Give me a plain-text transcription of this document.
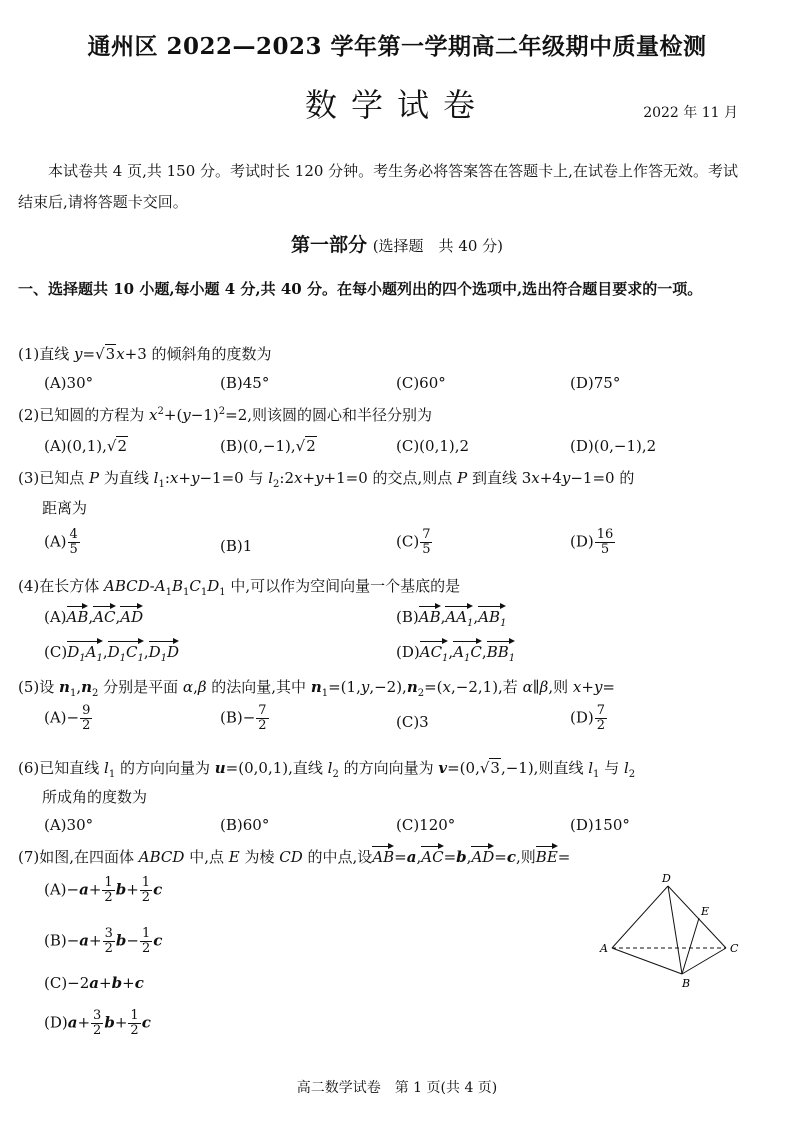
通州区 2022—2023 学年第一学期高二年级期中质量检测
数学试卷	2022 年 11 月
本试卷共 4 页,共 150 分。考试时长 120 分钟。考生务必将答案答在答题卡上,在试卷上作答无效。考试结束后,请将答题卡交回。
第一部分 (选择题　共 40 分)
一、选择题共 10 小题,每小题 4 分,共 40 分。在每小题列出的四个选项中,选出符合题目要求的一项。
(1)直线 y=√3x+3 的倾斜角的度数为
(A)30°	(B)45°	(C)60°	(D)75°
(2)已知圆的方程为 $x^2+(y-1)^2=2$,则该圆的圆心和半径分别为
(A)(0,1),√2	(B)(0,−1),√2	(C)(0,1),2	(D)(0,−1),2
(3)已知点 P 为直线 $l_1:x+y-1=0$ 与 $l_2:2x+y+1=0$ 的交点,则点 P 到直线 3x+4y−1=0 的
距离为
$(A) \frac{4}{5}$	(B)1	$(C) \frac{7}{5}$	$(D) \frac{16}{5}$
(4)在长方体 ABCD-$A_1B_1C_1D_1$ 中,可以作为空间向量一个基底的是
(A)AB,AC,AD	$(B)AB,AA_1,AB_1$
$(C)D_1A_1,D_1C_1,D_1D$	$(D)AC_1,A_1C,BB_1$
(5)设 $n_1,n_2$ 分别是平面 α,β 的法向量,其中 $n_1=(1,y,-2),n_2=(x,-2,1)$,若 α∥β,则 x+y=
$(A)- \frac{9}{2}$	$(B)- \frac{7}{2}$	(C)3	$(D) \frac{7}{2}$
(6)已知直线 $l_1$ 的方向向量为 u=(0,0,1),直线 $l_2$ 的方向向量为 v=(0,√3,−1),则直线 $l_1$ 与 $l_2$
所成角的度数为
(A)30°	(B)60°	(C)120°	(D)150°
(7)如图,在四面体 ABCD 中,点 E 为棱 CD 的中点,设AB=a,AC=b,AD=c,则BE=
$(A)-a+ \frac{1}{2} b+ \frac{1}{2}$ c
$(B)-a+ \frac{3}{2} b- \frac{1}{2}$ c
(C)−2a+b+c
$(D)a+ \frac{3}{2} b+ \frac{1}{2}$ c
D
E
A
B
C
高二数学试卷　第 1 页(共 4 页)
